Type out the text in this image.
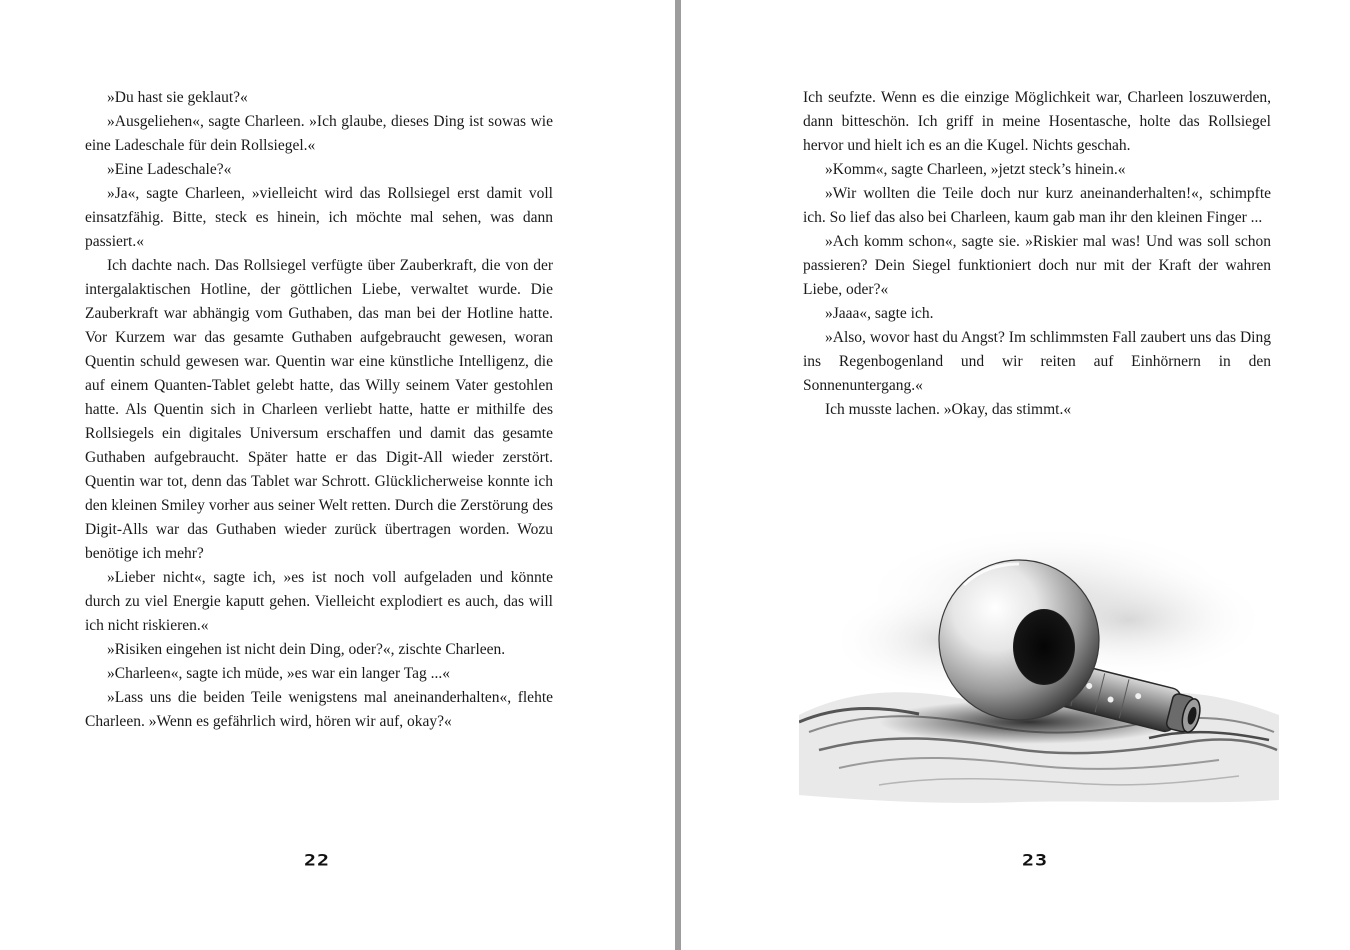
»Du hast sie geklaut?«

»Ausgeliehen«, sagte Charleen. »Ich glaube, dieses Ding ist sowas wie eine Ladeschale für dein Rollsiegel.«

»Eine Ladeschale?«

»Ja«, sagte Charleen, »vielleicht wird das Rollsiegel erst damit voll einsatzfähig. Bitte, steck es hinein, ich möchte mal sehen, was dann passiert.«

Ich dachte nach. Das Rollsiegel verfügte über Zauberkraft, die von der intergalaktischen Hotline, der göttlichen Liebe, verwaltet wurde. Die Zauberkraft war abhängig vom Guthaben, das man bei der Hotline hatte. Vor Kurzem war das gesamte Guthaben aufgebraucht gewesen, woran Quentin schuld gewesen war. Quentin war eine künstliche Intelligenz, die auf einem Quanten-Tablet gelebt hatte, das Willy seinem Vater gestohlen hatte. Als Quentin sich in Charleen verliebt hatte, hatte er mithilfe des Rollsiegels ein digitales Universum erschaffen und damit das gesamte Guthaben aufgebraucht. Später hatte er das Digit-All wieder zerstört. Quentin war tot, denn das Tablet war Schrott. Glücklicherweise konnte ich den kleinen Smiley vorher aus seiner Welt retten. Durch die Zerstörung des Digit-Alls war das Guthaben wieder zurück übertragen worden. Wozu benötige ich mehr?

»Lieber nicht«, sagte ich, »es ist noch voll aufgeladen und könnte durch zu viel Energie kaputt gehen. Vielleicht explodiert es auch, das will ich nicht riskieren.«

»Risiken eingehen ist nicht dein Ding, oder?«, zischte Charleen.

»Charleen«, sagte ich müde, »es war ein langer Tag ...«

»Lass uns die beiden Teile wenigstens mal aneinanderhalten«, flehte Charleen. »Wenn es gefährlich wird, hören wir auf, okay?«

22

Ich seufzte. Wenn es die einzige Möglichkeit war, Charleen loszuwerden, dann bitteschön. Ich griff in meine Hosentasche, holte das Rollsiegel hervor und hielt ich es an die Kugel. Nichts geschah.

»Komm«, sagte Charleen, »jetzt steck’s hinein.«

»Wir wollten die Teile doch nur kurz aneinanderhalten!«, schimpfte ich. So lief das also bei Charleen, kaum gab man ihr den kleinen Finger ...

»Ach komm schon«, sagte sie. »Riskier mal was! Und was soll schon passieren? Dein Siegel funktioniert doch nur mit der Kraft der wahren Liebe, oder?«

»Jaaa«, sagte ich.

»Also, wovor hast du Angst? Im schlimmsten Fall zaubert uns das Ding ins Regenbogenland und wir reiten auf Einhörnern in den Sonnenuntergang.«

Ich musste lachen. »Okay, das stimmt.«

23
